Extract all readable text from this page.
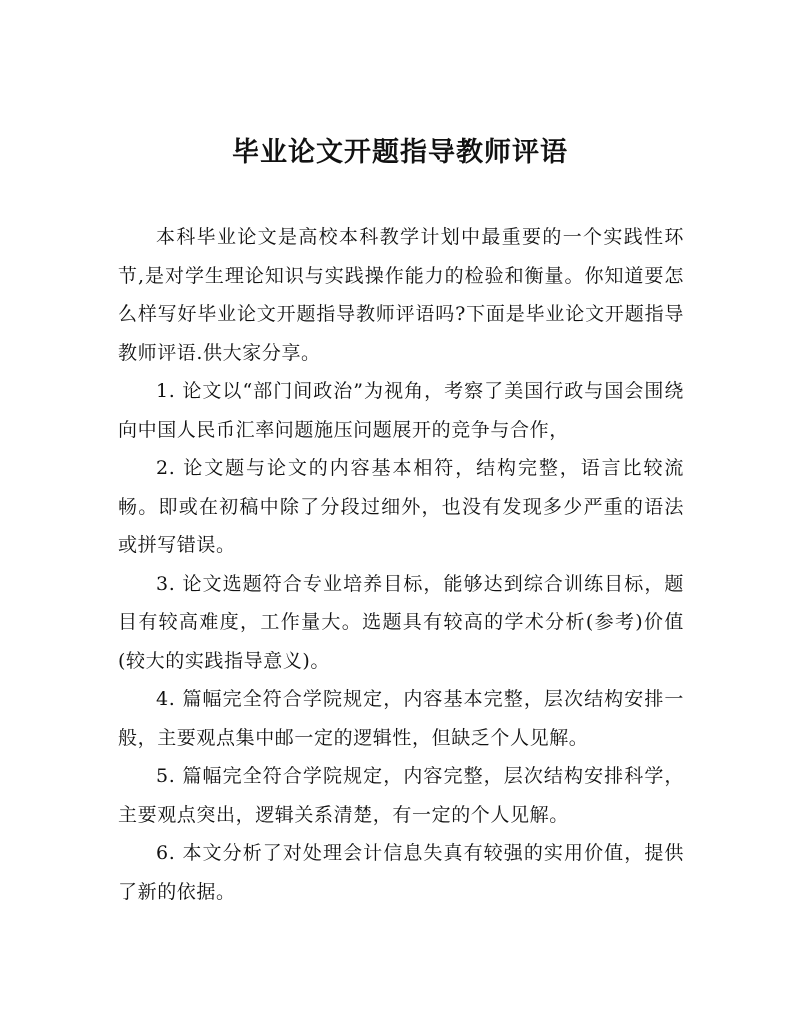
毕业论文开题指导教师评语

本科毕业论文是高校本科教学计划中最重要的一个实践性环节,是对学生理论知识与实践操作能力的检验和衡量。你知道要怎么样写好毕业论文开题指导教师评语吗?下面是毕业论文开题指导教师评语.供大家分享。

1. 论文以“部门间政治”为视角，考察了美国行政与国会围绕向中国人民币汇率问题施压问题展开的竞争与合作，

2. 论文题与论文的内容基本相符，结构完整，语言比较流畅。即或在初稿中除了分段过细外，也没有发现多少严重的语法或拼写错误。

3. 论文选题符合专业培养目标，能够达到综合训练目标，题目有较高难度，工作量大。选题具有较高的学术分析(参考)价值(较大的实践指导意义)。

4. 篇幅完全符合学院规定，内容基本完整，层次结构安排一般，主要观点集中邮一定的逻辑性，但缺乏个人见解。

5. 篇幅完全符合学院规定，内容完整，层次结构安排科学，主要观点突出，逻辑关系清楚，有一定的个人见解。

6. 本文分析了对处理会计信息失真有较强的实用价值，提供了新的依据。
